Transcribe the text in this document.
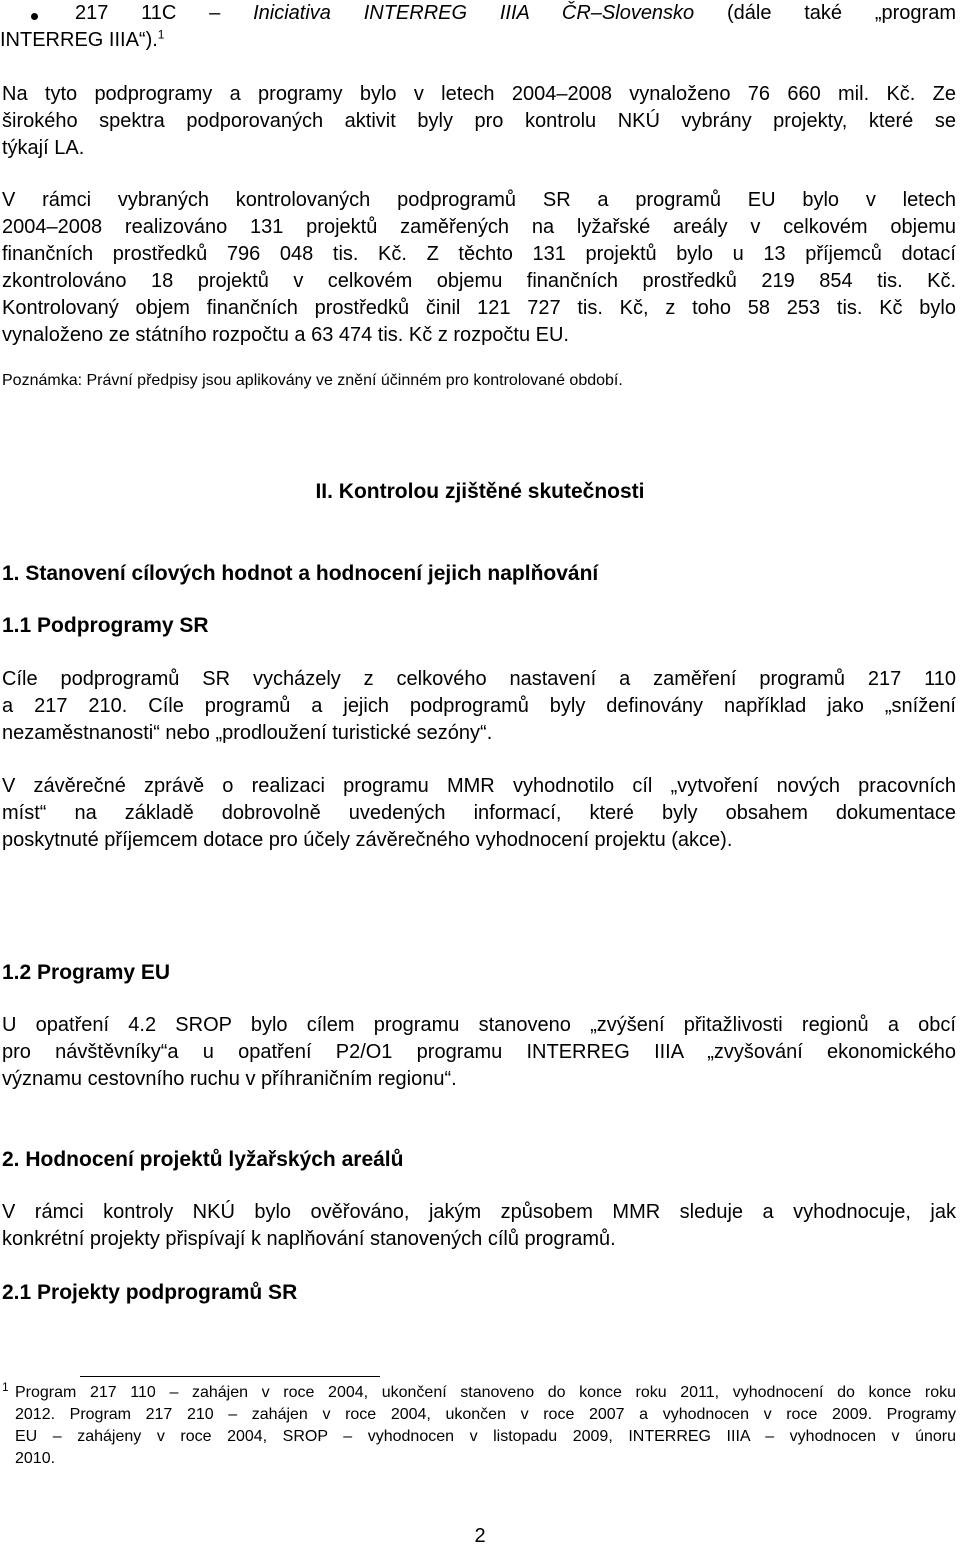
217 11C – Iniciativa INTERREG IIIA ČR–Slovensko (dále také „program
INTERREG IIIA“).$^1$
Na tyto podprogramy a programy bylo v letech 2004–2008 vynaloženo 76 660 mil. Kč. Ze
širokého spektra podporovaných aktivit byly pro kontrolu NKÚ vybrány projekty, které se
týkají LA.
V rámci vybraných kontrolovaných podprogramů SR a programů EU bylo v letech
2004–2008 realizováno 131 projektů zaměřených na lyžařské areály v celkovém objemu
finančních prostředků 796 048 tis. Kč. Z těchto 131 projektů bylo u 13 příjemců dotací
zkontrolováno 18 projektů v celkovém objemu finančních prostředků 219 854 tis. Kč.
Kontrolovaný objem finančních prostředků činil 121 727 tis. Kč, z toho 58 253 tis. Kč bylo
vynaloženo ze státního rozpočtu a 63 474 tis. Kč z rozpočtu EU.
Poznámka: Právní předpisy jsou aplikovány ve znění účinném pro kontrolované období.
II. Kontrolou zjištěné skutečnosti
1. Stanovení cílových hodnot a hodnocení jejich naplňování
1.1 Podprogramy SR
Cíle podprogramů SR vycházely z celkového nastavení a zaměření programů 217 110
a 217 210. Cíle programů a jejich podprogramů byly definovány například jako „snížení
nezaměstnanosti“ nebo „prodloužení turistické sezóny“.
V závěrečné zprávě o realizaci programu MMR vyhodnotilo cíl „vytvoření nových pracovních
míst“ na základě dobrovolně uvedených informací, které byly obsahem dokumentace
poskytnuté příjemcem dotace pro účely závěrečného vyhodnocení projektu (akce).
1.2 Programy EU
U opatření 4.2 SROP bylo cílem programu stanoveno „zvýšení přitažlivosti regionů a obcí
pro návštěvníky“a u opatření P2/O1 programu INTERREG IIIA „zvyšování ekonomického
významu cestovního ruchu v příhraničním regionu“.
2. Hodnocení projektů lyžařských areálů
V rámci kontroly NKÚ bylo ověřováno, jakým způsobem MMR sleduje a vyhodnocuje, jak
konkrétní projekty přispívají k naplňování stanovených cílů programů.
2.1 Projekty podprogramů SR
1 Program 217 110 – zahájen v roce 2004, ukončení stanoveno do konce roku 2011, vyhodnocení do konce roku
2012. Program 217 210 – zahájen v roce 2004, ukončen v roce 2007 a vyhodnocen v roce 2009. Programy
EU – zahájeny v roce 2004, SROP – vyhodnocen v listopadu 2009, INTERREG IIIA – vyhodnocen v únoru
2010.
2
